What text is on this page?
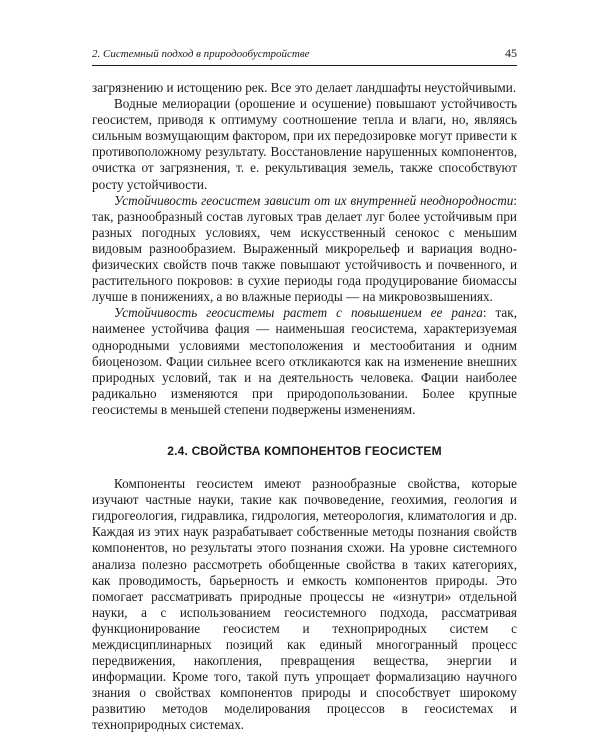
2. Системный подход в природообустройстве	45

загрязнению и истощению рек. Все это делает ландшафты неустойчивыми.

Водные мелиорации (орошение и осушение) повышают устойчивость геосистем, приводя к оптимуму соотношение тепла и влаги, но, являясь сильным возмущающим фактором, при их передозировке могут привести к противоположному результату. Восстановление нарушенных компонентов, очистка от загрязнения, т. е. рекультивация земель, также способствуют росту устойчивости.

Устойчивость геосистем зависит от их внутренней неоднородности: так, разнообразный состав луговых трав делает луг более устойчивым при разных погодных условиях, чем искусственный сенокос с меньшим видовым разнообразием. Выраженный микрорельеф и вариация водно-физических свойств почв также повышают устойчивость и почвенного, и растительного покровов: в сухие периоды года продуцирование биомассы лучше в понижениях, а во влажные периоды — на микровозвышениях.

Устойчивость геосистемы растет с повышением ее ранга: так, наименее устойчива фация — наименьшая геосистема, характеризуемая однородными условиями местоположения и местообитания и одним биоценозом. Фации сильнее всего откликаются как на изменение внешних природных условий, так и на деятельность человека. Фации наиболее радикально изменяются при природопользовании. Более крупные геосистемы в меньшей степени подвержены изменениям.

2.4. СВОЙСТВА КОМПОНЕНТОВ ГЕОСИСТЕМ

Компоненты геосистем имеют разнообразные свойства, которые изучают частные науки, такие как почвоведение, геохимия, геология и гидрогеология, гидравлика, гидрология, метеорология, климатология и др. Каждая из этих наук разрабатывает собственные методы познания свойств компонентов, но результаты этого познания схожи. На уровне системного анализа полезно рассмотреть обобщенные свойства в таких категориях, как проводимость, барьерность и емкость компонентов природы. Это помогает рассматривать природные процессы не «изнутри» отдельной науки, а с использованием геосистемного подхода, рассматривая функционирование геосистем и техноприродных систем с междисциплинарных позиций как единый многогранный процесс передвижения, накопления, превращения вещества, энергии и информации. Кроме того, такой путь упрощает формализацию научного знания о свойствах компонентов природы и способствует широкому развитию методов моделирования процессов в геосистемах и техноприродных системах.
